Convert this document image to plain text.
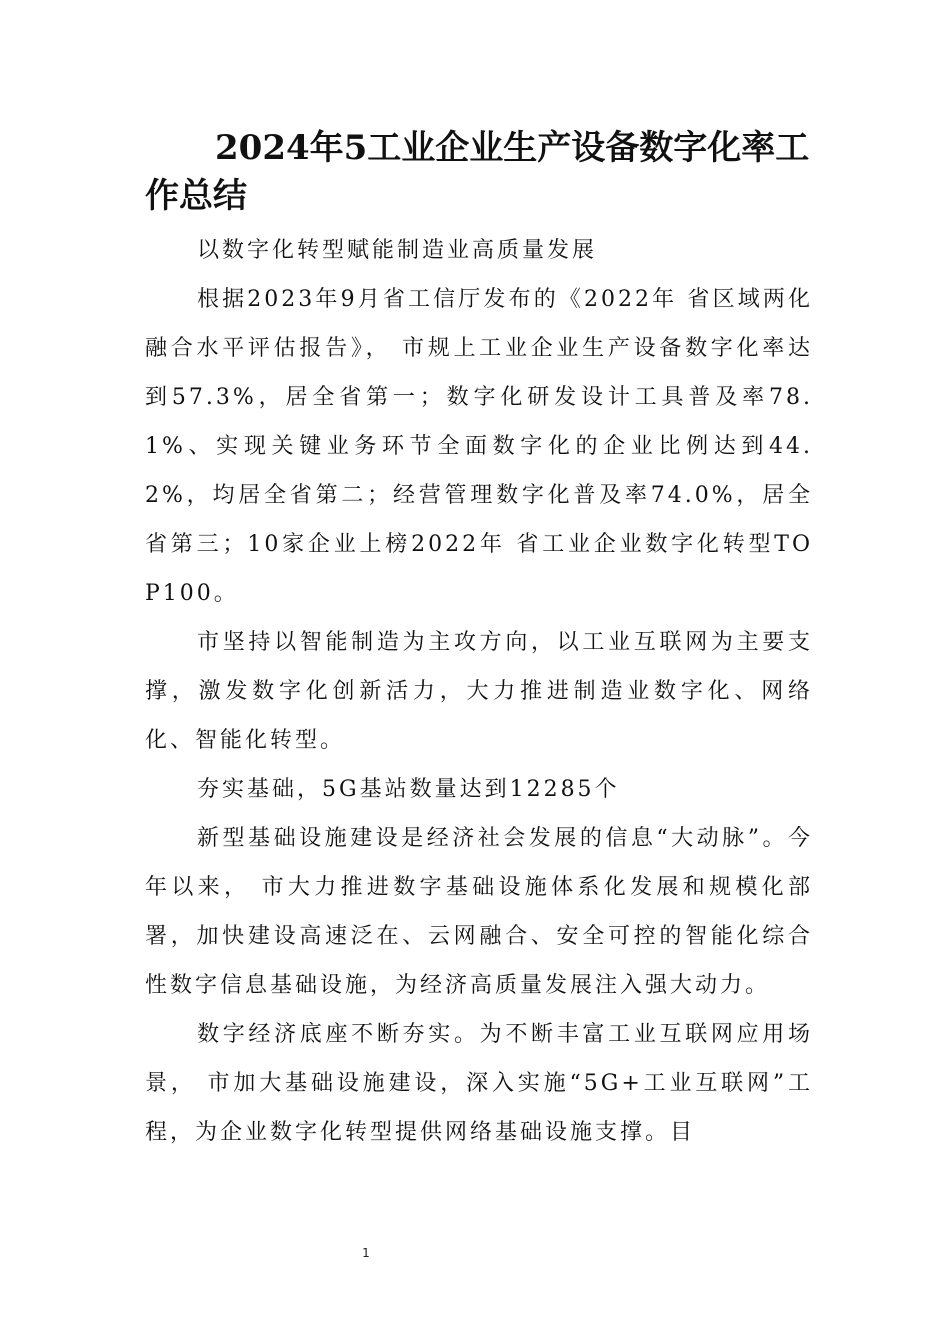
2024年5工业企业生产设备数字化率工作总结

以数字化转型赋能制造业高质量发展

根据2023年9月省工信厅发布的《2022年 省区域两化融合水平评估报告》， 市规上工业企业生产设备数字化率达到57.3%，居全省第一；数字化研发设计工具普及率78.1%、实现关键业务环节全面数字化的企业比例达到44.2%，均居全省第二；经营管理数字化普及率74.0%，居全省第三；10家企业上榜2022年 省工业企业数字化转型TOP100。

市坚持以智能制造为主攻方向，以工业互联网为主要支撑，激发数字化创新活力，大力推进制造业数字化、网络化、智能化转型。

夯实基础，5G基站数量达到12285个

新型基础设施建设是经济社会发展的信息“大动脉”。今年以来， 市大力推进数字基础设施体系化发展和规模化部署，加快建设高速泛在、云网融合、安全可控的智能化综合性数字信息基础设施，为经济高质量发展注入强大动力。

数字经济底座不断夯实。为不断丰富工业互联网应用场景， 市加大基础设施建设，深入实施“5G+工业互联网”工程，为企业数字化转型提供网络基础设施支撑。目

1
